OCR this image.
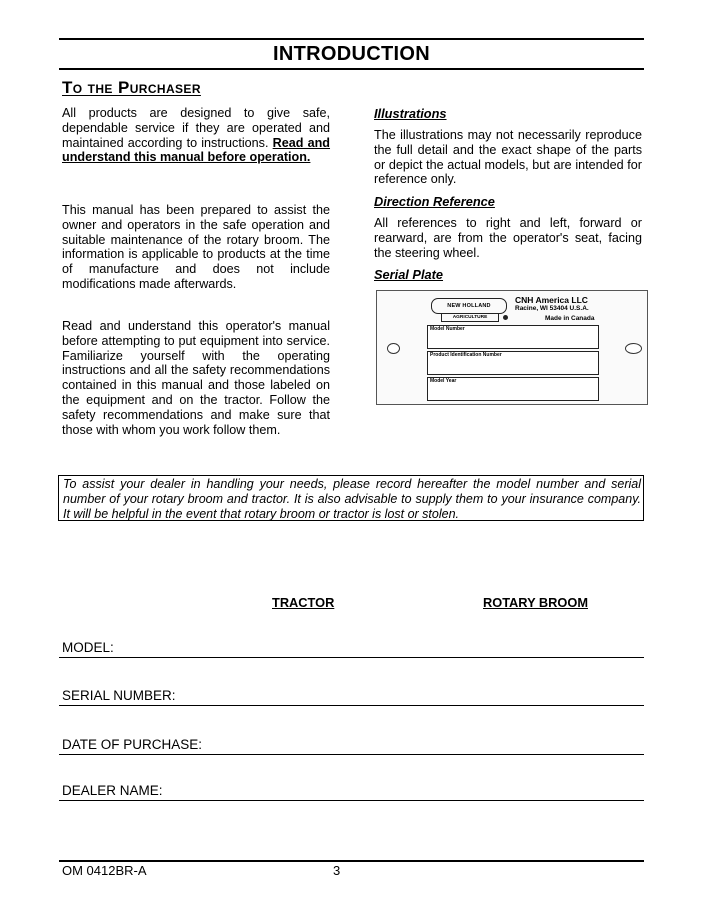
INTRODUCTION
To the Purchaser

All products are designed to give safe, dependable service if they are operated and maintained according to instructions. Read and understand this manual before operation.

This manual has been prepared to assist the owner and operators in the safe operation and suitable maintenance of the rotary broom. The information is applicable to products at the time of manufacture and does not include modifications made afterwards.

Read and understand this operator's manual before attempting to put equipment into service. Familiarize yourself with the operating instructions and all the safety recommendations contained in this manual and those labeled on the equipment and on the tractor. Follow the safety recommendations and make sure that those with whom you work follow them.

Illustrations

The illustrations may not necessarily reproduce the full detail and the exact shape of the parts or depict the actual models, but are intended for reference only.

Direction Reference

All references to right and left, forward or rearward, are from the operator's seat, facing the steering wheel.

Serial Plate
NEW HOLLAND
AGRICULTURE
CNH America LLC
Racine, WI 53404 U.S.A.
Made in Canada
Model Number
Product Identification Number
Model Year
To assist your dealer in handling your needs, please record hereafter the model number and serial number of your rotary broom and tractor. It is also advisable to supply them to your insurance company. It will be helpful in the event that rotary broom or tractor is lost or stolen.
TRACTOR	ROTARY BROOM
MODEL:
SERIAL NUMBER:
DATE OF PURCHASE:
DEALER NAME:
OM 0412BR-A	3
